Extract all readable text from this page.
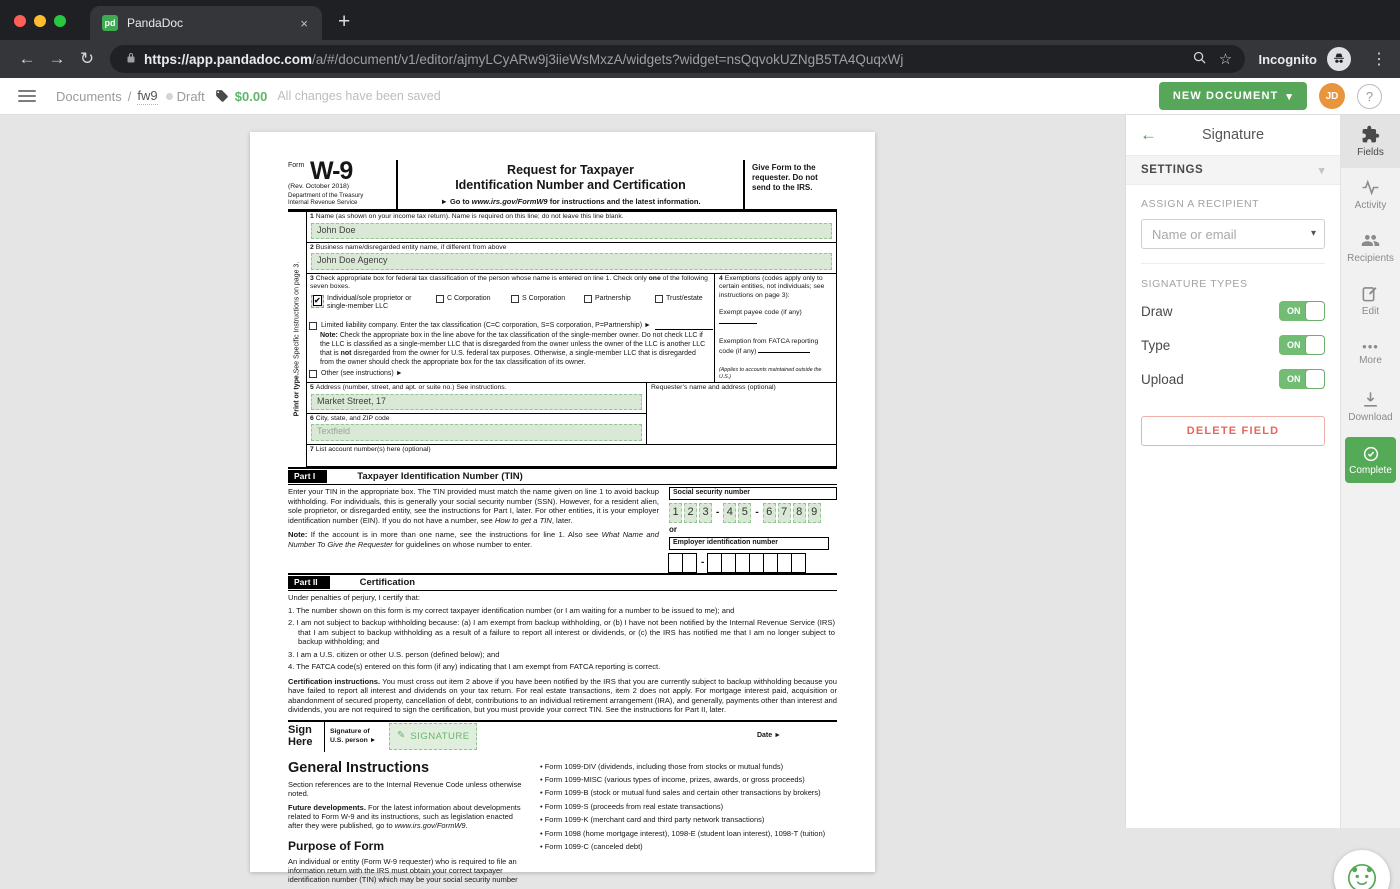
pd PandaDoc	× +
← → ↻	https://app.pandadoc.com /a/#/document/v1/editor/ajmyLCyARw9j3iieWsMxzA/widgets?widget=nsQqvokUZNgB5TA4QuqxWj	☆	Incognito	⋮
Documents / fw9 Draft $0.00 All changes have been saved	NEW DOCUMENT ▾	JD	?
Form W-9
(Rev. October 2018)
Department of the Treasury
Internal Revenue Service
Request for Taxpayer
Identification Number and Certification
► Go to www.irs.gov/FormW9 for instructions and the latest information.
Give Form to the requester. Do not send to the IRS.
Print or type.
See Specific Instructions on page 3.
1 Name (as shown on your income tax return). Name is required on this line; do not leave this line blank.
John Doe
2 Business name/disregarded entity name, if different from above
John Doe Agency
3 Check appropriate box for federal tax classification of the person whose name is entered on line 1. Check only one of the following seven boxes.
✔ Individual/sole proprietor or
single-member LLC
C Corporation	S Corporation	Partnership	Trust/estate
Limited liability company. Enter the tax classification (C=C corporation, S=S corporation, P=Partnership) ►
Note: Check the appropriate box in the line above for the tax classification of the single-member owner. Do not check LLC if the LLC is classified as a single-member LLC that is disregarded from the owner unless the owner of the LLC is another LLC that is not disregarded from the owner for U.S. federal tax purposes. Otherwise, a single-member LLC that is disregarded from the owner should check the appropriate box for the tax classification of its owner.
Other (see instructions) ►
4 Exemptions (codes apply only to certain entities, not individuals; see instructions on page 3):
Exempt payee code (if any)
Exemption from FATCA reporting
code (if any)
(Applies to accounts maintained outside the U.S.)
5 Address (number, street, and apt. or suite no.) See instructions.
Market Street, 17
6 City, state, and ZIP code
Textfield
Requester’s name and address (optional)
7 List account number(s) here (optional)
Part I	Taxpayer Identification Number (TIN)

Enter your TIN in the appropriate box. The TIN provided must match the name given on line 1 to avoid backup withholding. For individuals, this is generally your social security number (SSN). However, for a resident alien, sole proprietor, or disregarded entity, see the instructions for Part I, later. For other entities, it is your employer identification number (EIN). If you do not have a number, see How to get a TIN, later.

Note: If the account is in more than one name, see the instructions for line 1. Also see What Name and Number To Give the Requester for guidelines on whose number to enter.

Social security number
1 2 3 - 4 5 - 6 7 8 9
or
Employer identification number
-
Part II	Certification
Under penalties of perjury, I certify that:
1. The number shown on this form is my correct taxpayer identification number (or I am waiting for a number to be issued to me); and
2. I am not subject to backup withholding because: (a) I am exempt from backup withholding, or (b) I have not been notified by the Internal Revenue Service (IRS) that I am subject to backup withholding as a result of a failure to report all interest or dividends, or (c) the IRS has notified me that I am no longer subject to backup withholding; and
3. I am a U.S. citizen or other U.S. person (defined below); and
4. The FATCA code(s) entered on this form (if any) indicating that I am exempt from FATCA reporting is correct.
Certification instructions. You must cross out item 2 above if you have been notified by the IRS that you are currently subject to backup withholding because you have failed to report all interest and dividends on your tax return. For real estate transactions, item 2 does not apply. For mortgage interest paid, acquisition or abandonment of secured property, cancellation of debt, contributions to an individual retirement arrangement (IRA), and generally, payments other than interest and dividends, you are not required to sign the certification, but you must provide your correct TIN. See the instructions for Part II, later.
Sign
Here
Signature of
U.S. person ►	✎ SIGNATURE	Date ►
General Instructions

Section references are to the Internal Revenue Code unless otherwise noted.

Future developments. For the latest information about developments related to Form W-9 and its instructions, such as legislation enacted after they were published, go to www.irs.gov/FormW9.

Purpose of Form

An individual or entity (Form W-9 requester) who is required to file an information return with the IRS must obtain your correct taxpayer identification number (TIN) which may be your social security number

• Form 1099-DIV (dividends, including those from stocks or mutual funds)
• Form 1099-MISC (various types of income, prizes, awards, or gross proceeds)
• Form 1099-B (stock or mutual fund sales and certain other transactions by brokers)
• Form 1099-S (proceeds from real estate transactions)
• Form 1099-K (merchant card and third party network transactions)
• Form 1098 (home mortgage interest), 1098-E (student loan interest), 1098-T (tuition)
• Form 1099-C (canceled debt)
Signature
←
SETTINGS	▾
ASSIGN A RECIPIENT
Name or email
▾
SIGNATURE TYPES
Draw	ON
Type	ON
Upload	ON
DELETE FIELD
Fields
Activity
Recipients
Edit
•••
More
Download
Complete
